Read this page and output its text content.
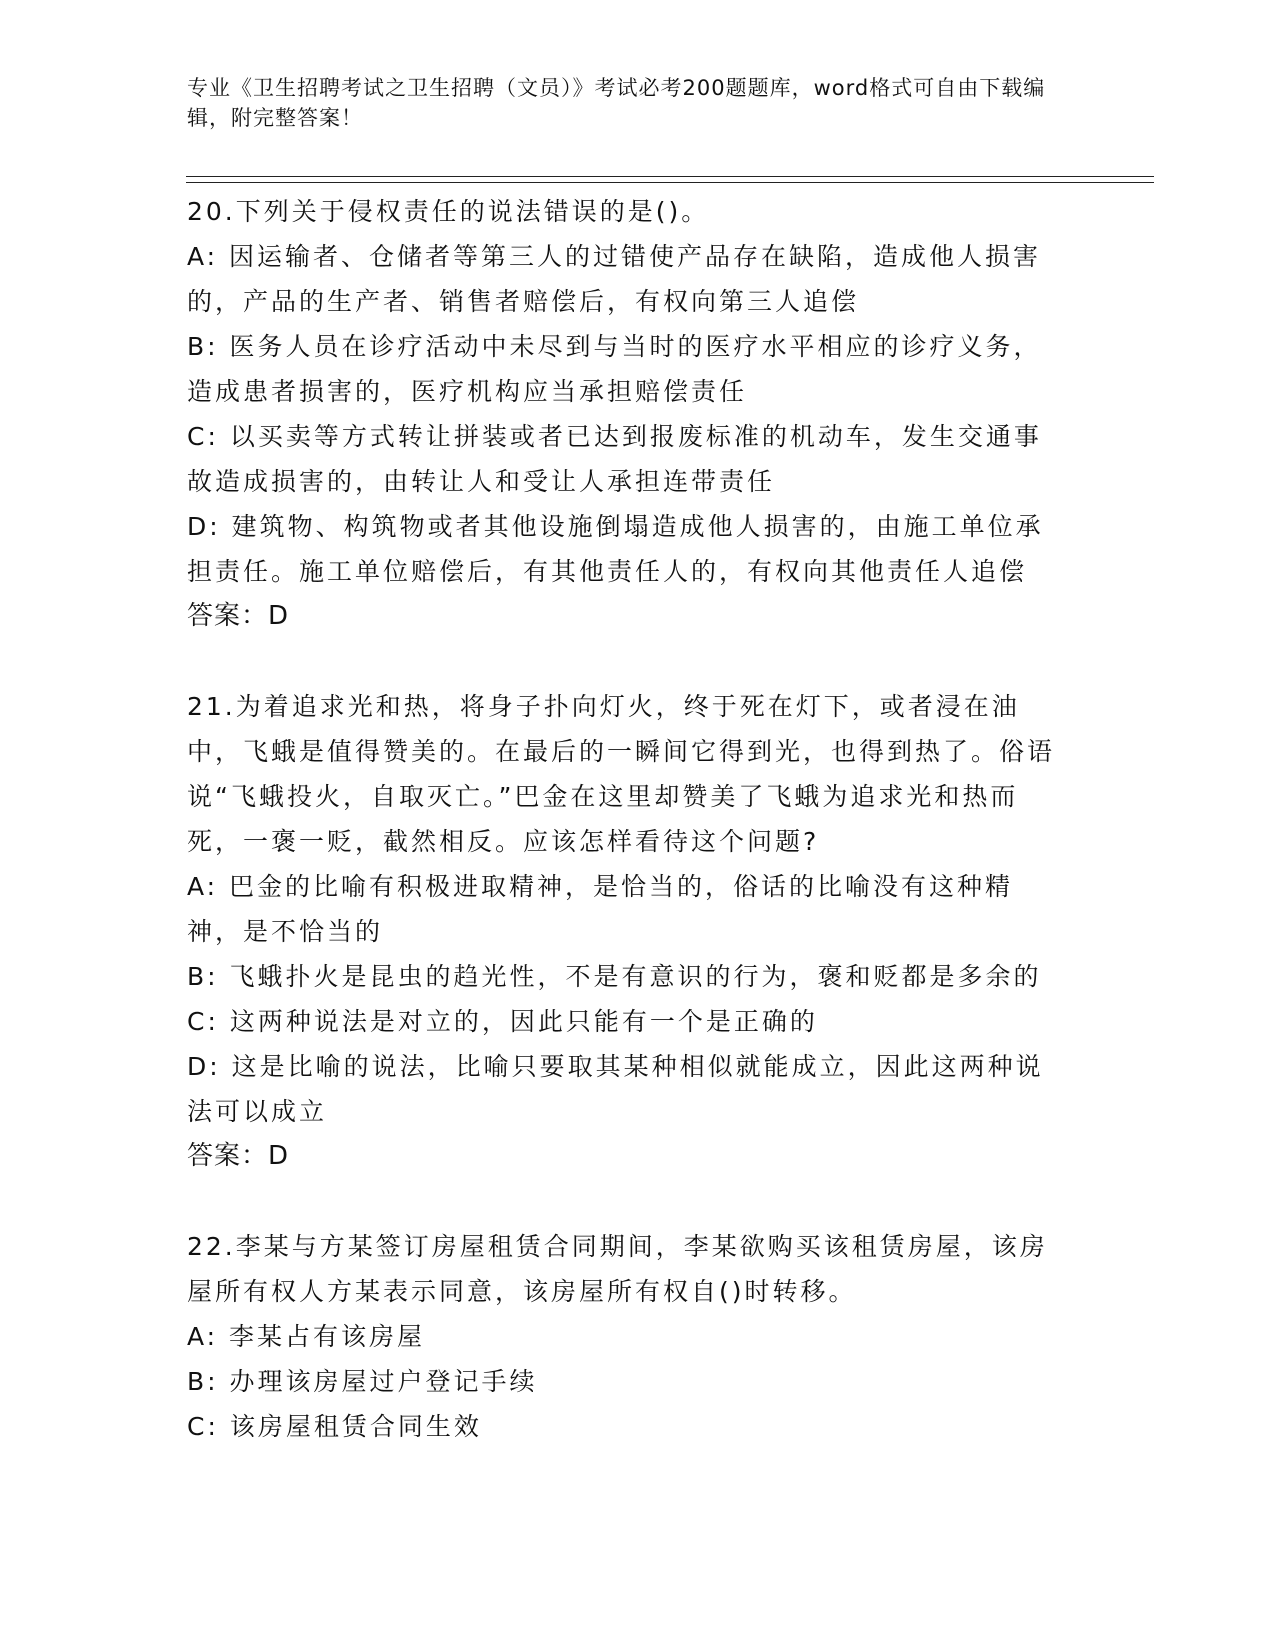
专业《卫生招聘考试之卫生招聘（文员）》考试必考200题题库，word格式可自由下载编辑，附完整答案！
20.下列关于侵权责任的说法错误的是()。
A: 因运输者、仓储者等第三人的过错使产品存在缺陷，造成他人损害的，产品的生产者、销售者赔偿后，有权向第三人追偿
B: 医务人员在诊疗活动中未尽到与当时的医疗水平相应的诊疗义务，造成患者损害的，医疗机构应当承担赔偿责任
C: 以买卖等方式转让拼装或者已达到报废标准的机动车，发生交通事故造成损害的，由转让人和受让人承担连带责任
D: 建筑物、构筑物或者其他设施倒塌造成他人损害的，由施工单位承担责任。施工单位赔偿后，有其他责任人的，有权向其他责任人追偿
答案：D
21.为着追求光和热，将身子扑向灯火，终于死在灯下，或者浸在油中，飞蛾是值得赞美的。在最后的一瞬间它得到光，也得到热了。俗语说“飞蛾投火，自取灭亡。”巴金在这里却赞美了飞蛾为追求光和热而死，一褒一贬，截然相反。应该怎样看待这个问题?
A: 巴金的比喻有积极进取精神，是恰当的，俗话的比喻没有这种精神，是不恰当的
B: 飞蛾扑火是昆虫的趋光性，不是有意识的行为，褒和贬都是多余的
C: 这两种说法是对立的，因此只能有一个是正确的
D: 这是比喻的说法，比喻只要取其某种相似就能成立，因此这两种说法可以成立
答案：D
22.李某与方某签订房屋租赁合同期间，李某欲购买该租赁房屋，该房屋所有权人方某表示同意，该房屋所有权自()时转移。
A: 李某占有该房屋
B: 办理该房屋过户登记手续
C: 该房屋租赁合同生效
